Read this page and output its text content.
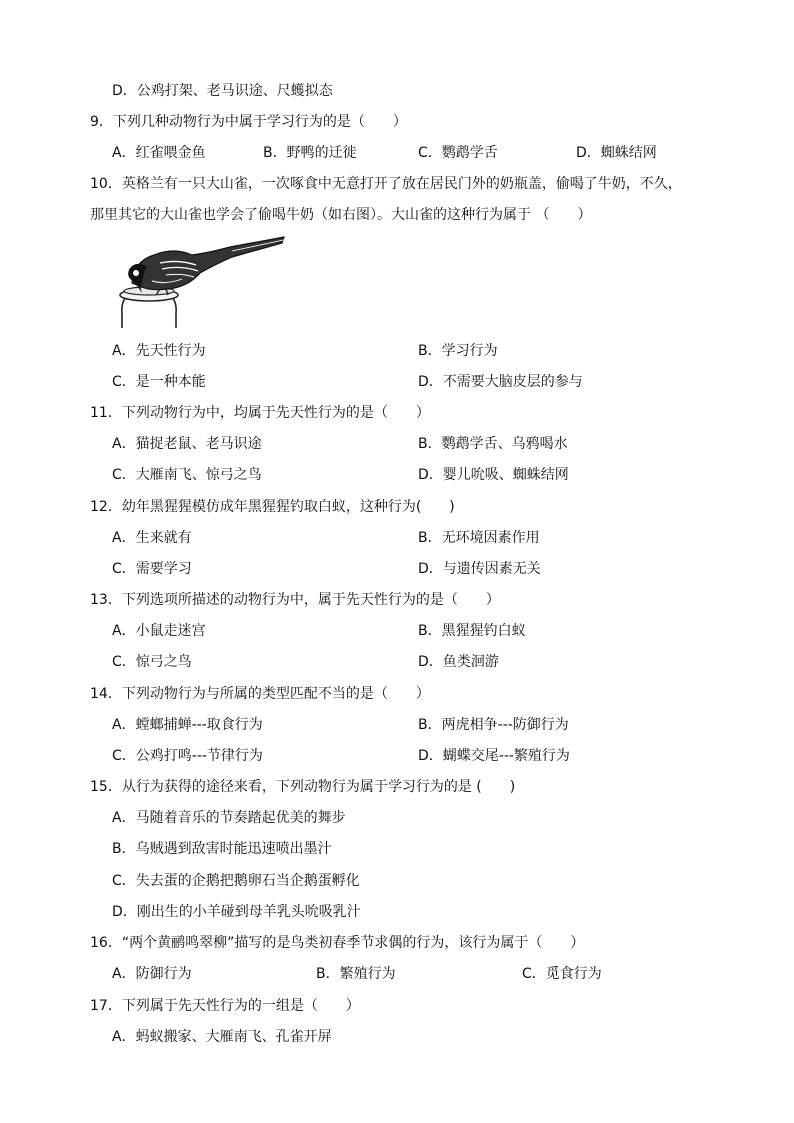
D．公鸡打架、老马识途、尺蠖拟态
9．下列几种动物行为中属于学习行为的是（　　）
A．红雀喂金鱼	B．野鸭的迁徙	C．鹦鹉学舌	D．蜘蛛结网
10．英格兰有一只大山雀，一次啄食中无意打开了放在居民门外的奶瓶盖，偷喝了牛奶，不久，
那里其它的大山雀也学会了偷喝牛奶（如右图）。大山雀的这种行为属于 （　　）
A．先天性行为	B．学习行为
C．是一种本能	D．不需要大脑皮层的参与
11．下列动物行为中，均属于先天性行为的是（　　）
A．猫捉老鼠、老马识途	B．鹦鹉学舌、乌鸦喝水
C．大雁南飞、惊弓之鸟	D．婴儿吮吸、蜘蛛结网
12．幼年黑猩猩模仿成年黑猩猩钓取白蚁，这种行为(　　)
A．生来就有	B．无环境因素作用
C．需要学习	D．与遗传因素无关
13．下列选项所描述的动物行为中，属于先天性行为的是（　　）
A．小鼠走迷宫	B．黑猩猩钓白蚁
C．惊弓之鸟	D．鱼类洄游
14．下列动物行为与所属的类型匹配不当的是（　　）
A．螳螂捕蝉---取食行为	B．两虎相争---防御行为
C．公鸡打鸣---节律行为	D．蝴蝶交尾---繁殖行为
15．从行为获得的途径来看，下列动物行为属于学习行为的是 (　　)
A．马随着音乐的节奏踏起优美的舞步
B．乌贼遇到敌害时能迅速喷出墨汁
C．失去蛋的企鹅把鹅卵石当企鹅蛋孵化
D．刚出生的小羊碰到母羊乳头吮吸乳汁
16．“两个黄鹂鸣翠柳”描写的是鸟类初春季节求偶的行为，该行为属于（　　）
A．防御行为	B．繁殖行为	C．觅食行为
17．下列属于先天性行为的一组是（　　）
A．蚂蚁搬家、大雁南飞、孔雀开屏
